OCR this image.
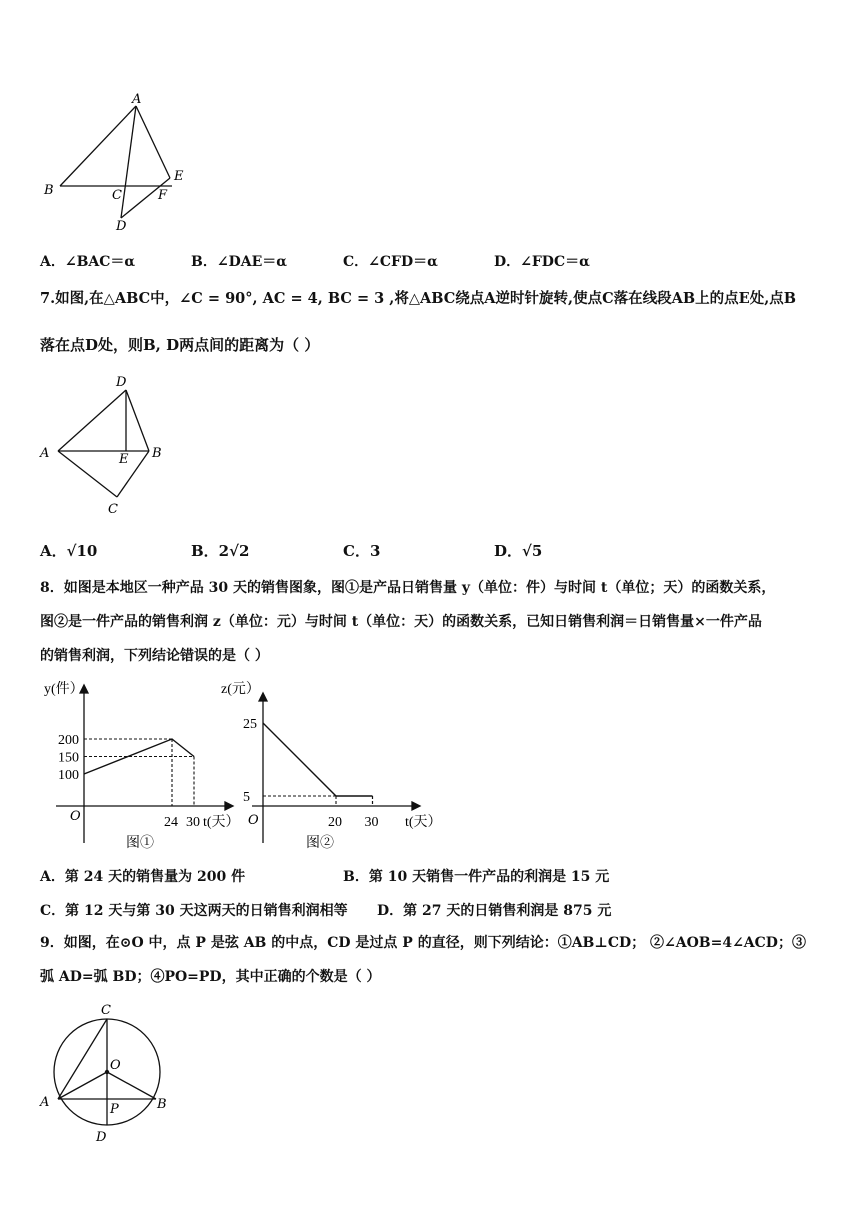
A
B	C
D
E
F
A．∠BAC＝α	B．∠DAE＝α	C．∠CFD＝α	D．∠FDC＝α
7.如图,在△ABC中，∠C = 90°, AC = 4, BC = 3 ,将△ABC绕点A逆时针旋转,使点C落在线段AB上的点E处,点B
落在点D处，则B, D两点间的距离为（ ）
D
A	E B
C
A．√10	B．2√2	C．3	D．√5
8．如图是本地区一种产品 30 天的销售图象，图①是产品日销售量 y（单位：件）与时间 t（单位；天）的函数关系，
图②是一件产品的销售利润 z（单位：元）与时间 t（单位：天）的函数关系，已知日销售利润＝日销售量×一件产品
的销售利润，下列结论错误的是（ ）
24 30
100
150
200
y(件）
t(天）
O
图①
20 30
5
25
z(元）
t(天）
O
图②
A．第 24 天的销售量为 200 件	B．第 10 天销售一件产品的利润是 15 元
C．第 12 天与第 30 天这两天的日销售利润相等 D．第 27 天的日销售利润是 875 元
9．如图，在⊙O 中，点 P 是弦 AB 的中点，CD 是过点 P 的直径，则下列结论：①AB⊥CD； ②∠AOB=4∠ACD；③
弧 AD=弧 BD；④PO=PD，其中正确的个数是（ ）
C
O
A	B
P
D
